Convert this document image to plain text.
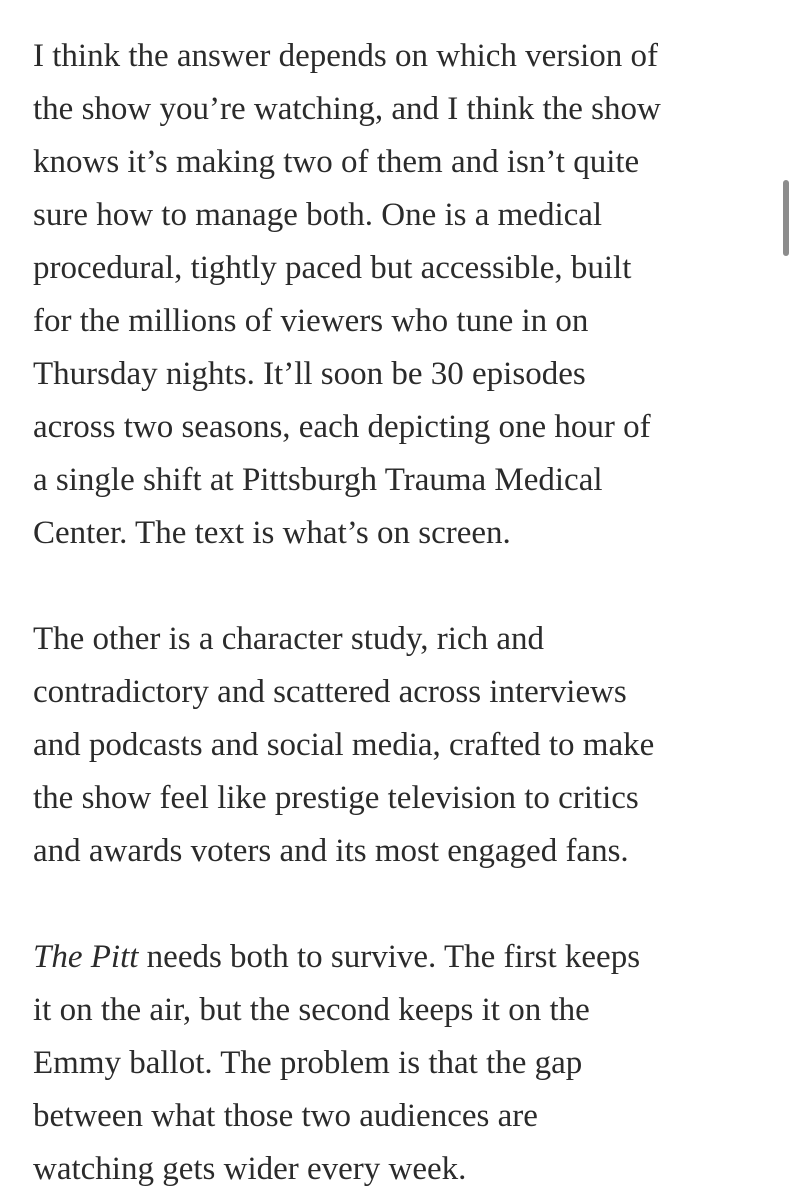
I think the answer depends on which version of
the show you’re watching, and I think the show
knows it’s making two of them and isn’t quite
sure how to manage both. One is a medical
procedural, tightly paced but accessible, built
for the millions of viewers who tune in on
Thursday nights. It’ll soon be 30 episodes
across two seasons, each depicting one hour of
a single shift at Pittsburgh Trauma Medical
Center. The text is what’s on screen.

The other is a character study, rich and
contradictory and scattered across interviews
and podcasts and social media, crafted to make
the show feel like prestige television to critics
and awards voters and its most engaged fans.

The Pitt needs both to survive. The first keeps
it on the air, but the second keeps it on the
Emmy ballot. The problem is that the gap
between what those two audiences are
watching gets wider every week.
